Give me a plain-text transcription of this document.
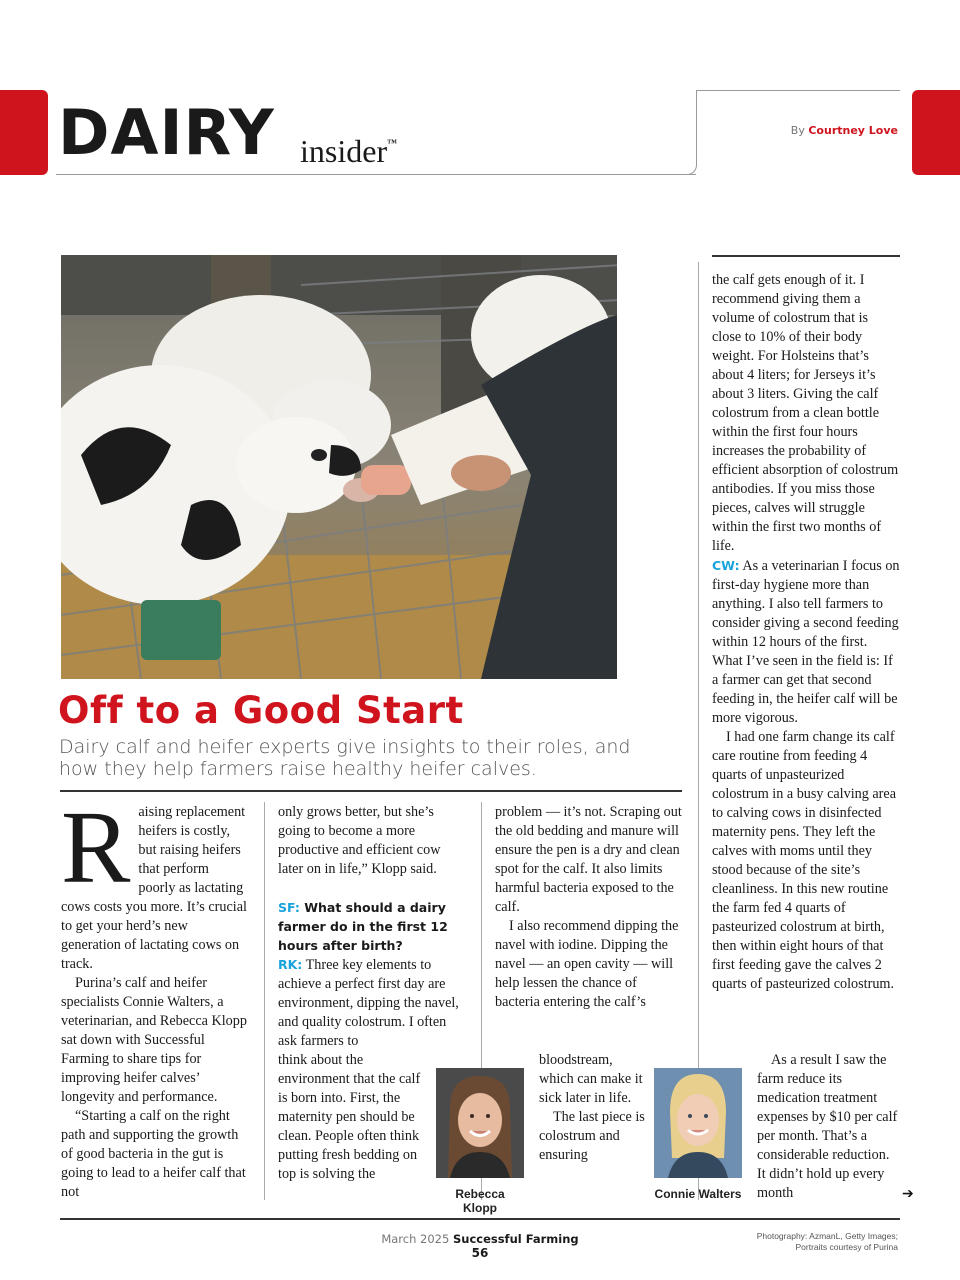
DAIRY insider™
By Courtney Love
Off to a Good Start
Dairy calf and heifer experts give insights to their roles, and how they help farmers raise healthy heifer calves.

Raising replacement heifers is costly, but raising heifers that perform poorly as lactating cows costs you more. It’s crucial to get your herd’s new generation of lactating cows on track.

Purina’s calf and heifer specialists Connie Walters, a veterinarian, and Rebecca Klopp sat down with Successful Farming to share tips for improving heifer calves’ longevity and performance.

“Starting a calf on the right path and supporting the growth of good bacteria in the gut is going to lead to a heifer calf that not

only grows better, but she’s going to become a more productive and efficient cow later on in life,” Klopp said.

SF: What should a dairy farmer do in the first 12 hours after birth?

RK: Three key elements to achieve a perfect first day are environment, dipping the navel, and quality colostrum. I often ask farmers to

think about the environment that the calf is born into. First, the maternity pen should be clean. People often think putting fresh bedding on top is solving the

problem — it’s not. Scraping out the old bedding and manure will ensure the pen is a dry and clean spot for the calf. It also limits harmful bacteria exposed to the calf.

I also recommend dipping the navel with iodine. Dipping the navel — an open cavity — will help lessen the chance of bacteria entering the calf’s

bloodstream, which can make it sick later in life.

The last piece is colostrum and ensuring

the calf gets enough of it. I recommend giving them a volume of colostrum that is close to 10% of their body weight. For Holsteins that’s about 4 liters; for Jerseys it’s about 3 liters. Giving the calf colostrum from a clean bottle within the first four hours increases the probability of efficient absorption of colostrum antibodies. If you miss those pieces, calves will struggle within the first two months of life.

CW: As a veterinarian I focus on first-day hygiene more than anything. I also tell farmers to consider giving a second feeding within 12 hours of the first. What I’ve seen in the field is: If a farmer can get that second feeding in, the heifer calf will be more vigorous.

I had one farm change its calf care routine from feeding 4 quarts of unpasteurized colostrum in a busy calving area to calving cows in disinfected maternity pens. They left the calves with moms until they stood because of the site’s cleanliness. In this new routine the farm fed 4 quarts of pasteurized colostrum at birth, then within eight hours of that first feeding gave the calves 2 quarts of pasteurized colostrum.

As a result I saw the farm reduce its medication treatment expenses by $10 per calf per month. That’s a considerable reduction. It didn’t hold up every month

Rebecca Klopp
Connie Walters	➔
March 2025 Successful Farming
56
Photography: AzmanL, Getty Images;
Portraits courtesy of Purina
